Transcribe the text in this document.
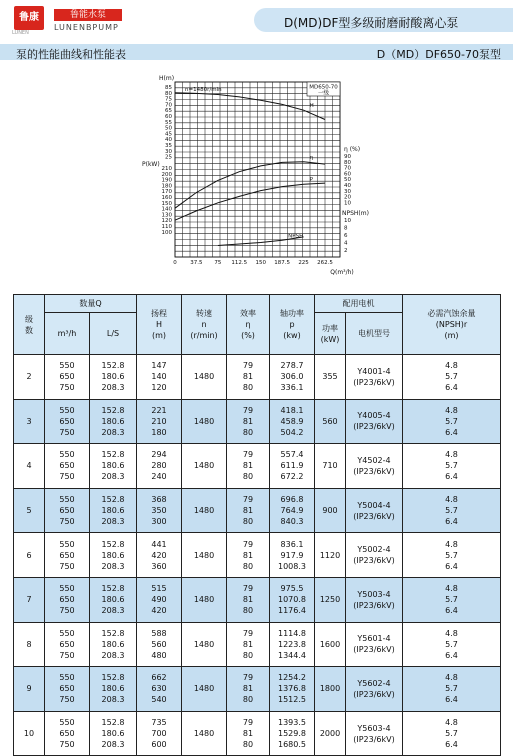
鲁康
LUNEN
鲁能水泵
LUNENBPUMP	D(MD)DF型多级耐磨耐酸离心泵
泵的性能曲线和性能表	D（MD）DF650-70泵型
0 37.5 75 112.5 150 187.5 225 262.5
Q(m³/h)
H(m)
85
80
75
70
65
60
55
50
45
40
35
30
25
P(kW)
210
200
190
180
170
160
150
140
130
120
110
100
η (%)
90
80
70
60
50
40
30
20
10
NPSH(m)
10
8
6
4
2
MD650-70
一级
n=1480r/min
H
P
η
NPSH
级
数	数量Q		扬程
H
(m)	转速
n
(r/min)	效率
η
(%)	轴功率
p
(kw)	配用电机		必需汽蚀余量
(NPSH)r
(m)
	m³/h	L/S					功率
(kW)	电机型号	
2	550
650
750	152.8
180.6
208.3	147
140
120	1480	79
81
80	278.7
306.0
336.1	355	Y4001-4
(IP23/6kV)	4.8
5.7
6.4
3	550
650
750	152.8
180.6
208.3	221
210
180	1480	79
81
80	418.1
458.9
504.2	560	Y4005-4
(IP23/6kV)	4.8
5.7
6.4
4	550
650
750	152.8
180.6
208.3	294
280
240	1480	79
81
80	557.4
611.9
672.2	710	Y4502-4
(IP23/6kV)	4.8
5.7
6.4
5	550
650
750	152.8
180.6
208.3	368
350
300	1480	79
81
80	696.8
764.9
840.3	900	Y5004-4
(IP23/6kV)	4.8
5.7
6.4
6	550
650
750	152.8
180.6
208.3	441
420
360	1480	79
81
80	836.1
917.9
1008.3	1120	Y5002-4
(IP23/6kV)	4.8
5.7
6.4
7	550
650
750	152.8
180.6
208.3	515
490
420	1480	79
81
80	975.5
1070.8
1176.4	1250	Y5003-4
(IP23/6kV)	4.8
5.7
6.4
8	550
650
750	152.8
180.6
208.3	588
560
480	1480	79
81
80	1114.8
1223.8
1344.4	1600	Y5601-4
(IP23/6kV)	4.8
5.7
6.4
9	550
650
750	152.8
180.6
208.3	662
630
540	1480	79
81
80	1254.2
1376.8
1512.5	1800	Y5602-4
(IP23/6kV)	4.8
5.7
6.4
10	550
650
750	152.8
180.6
208.3	735
700
600	1480	79
81
80	1393.5
1529.8
1680.5	2000	Y5603-4
(IP23/6kV)	4.8
5.7
6.4
